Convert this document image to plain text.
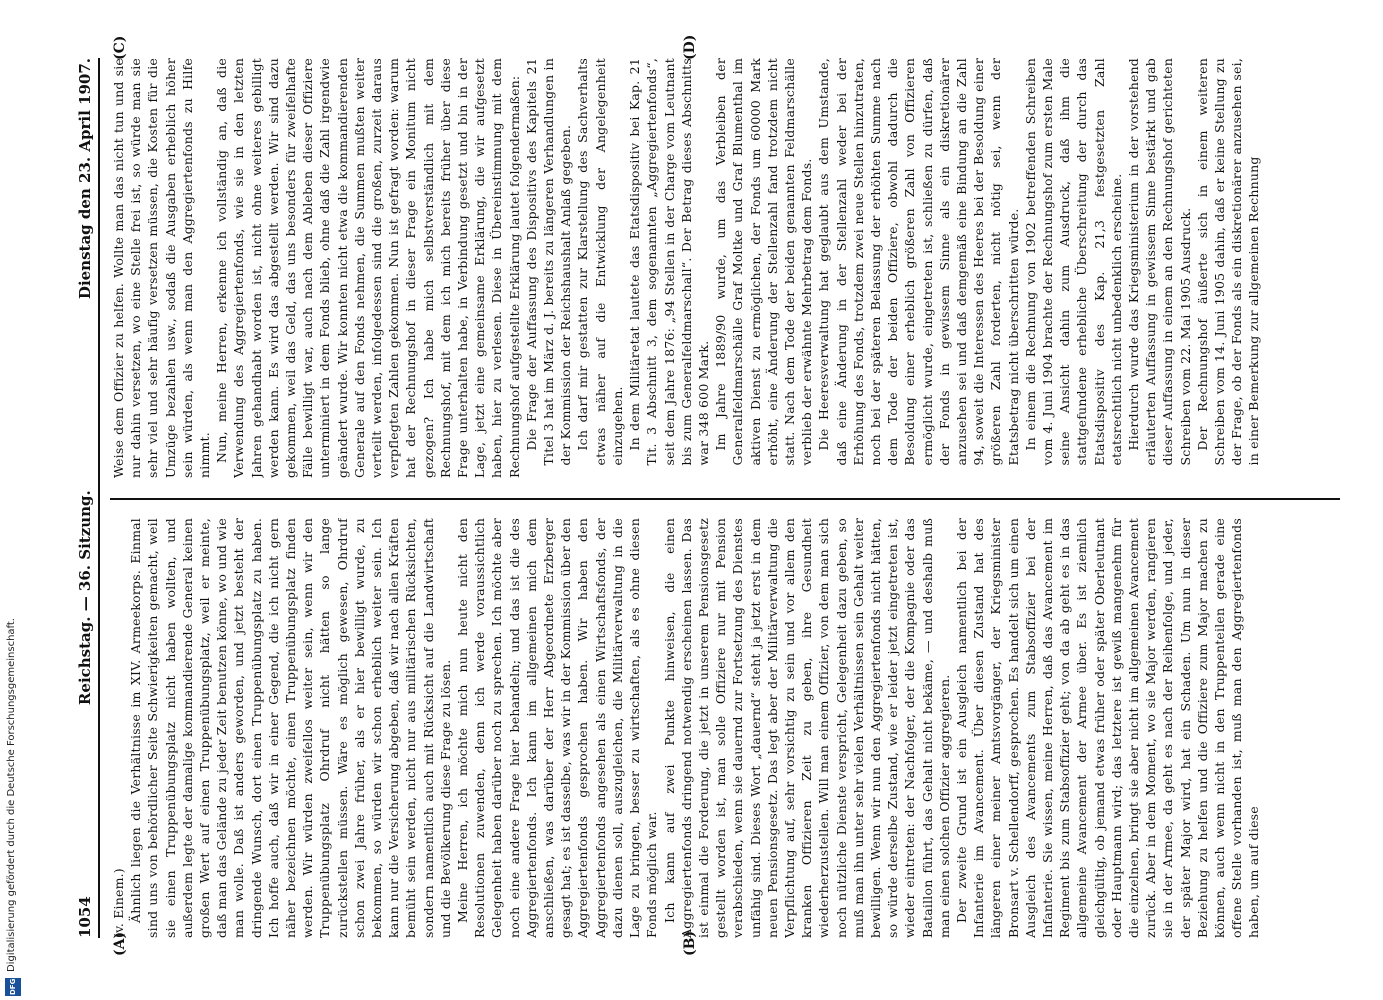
Digitalisierung gefördert durch die Deutsche Forschungsgemeinschaft.
DFG
1054
Reichstag. — 36. Sitzung.
Dienstag den 23. April 1907.
(A)	(B)
(C)	(D)
(v. Einem.) Ähnlich liegen die Verhältnisse im XIV. Armeekorps. Einmal sind uns von behördlicher Seite Schwierigkeiten gemacht, weil sie einen Truppenübungsplatz nicht haben wollten, und außerdem legte der damalige kommandierende General keinen großen Wert auf einen Truppenübungsplatz, weil er meinte, daß man das Gelände zu jeder Zeit benutzen könne, wo und wie man wolle. Daß ist anders geworden, und jetzt besteht der dringende Wunsch, dort einen Truppenübungsplatz zu haben. Ich hoffe auch, daß wir in einer Gegend, die ich nicht gern näher bezeichnen möchte, einen Truppenübungsplatz finden werden. Wir würden zweifellos weiter sein, wenn wir den Truppenübungsplatz Ohrdruf nicht hätten so lange zurückstellen müssen. Wäre es möglich gewesen, Ohrdruf schon zwei Jahre früher, als er hier bewilligt wurde, zu bekommen, so würden wir schon erheblich weiter sein. Ich kann nur die Versicherung abgeben, daß wir nach allen Kräften bemüht sein werden, nicht nur aus militärischen Rücksichten, sondern namentlich auch mit Rücksicht auf die Landwirtschaft und die Bevölkerung diese Frage zu lösen. Meine Herren, ich möchte mich nun heute nicht den Resolutionen zuwenden, denn ich werde voraussichtlich Gelegenheit haben darüber noch zu sprechen. Ich möchte aber noch eine andere Frage hier behandeln; und das ist die des Aggregiertenfonds. Ich kann im allgemeinen mich dem anschließen, was darüber der Herr Abgeordnete Erzberger gesagt hat; es ist dasselbe, was wir in der Kommission über den Aggregiertenfonds gesprochen haben. Wir haben den Aggregiertenfonds angesehen als einen Wirtschaftsfonds, der dazu dienen soll, auszugleichen, die Militärverwaltung in die Lage zu bringen, besser zu wirtschaften, als es ohne diesen Fonds möglich war. Ich kann auf zwei Punkte hinweisen, die einen Aggregiertenfonds dringend notwendig erscheinen lassen. Das ist einmal die Forderung, die jetzt in unserem Pensionsgesetz gestellt worden ist, man solle Offiziere nur mit Pension verabschieden, wenn sie dauernd zur Fortsetzung des Dienstes unfähig sind. Dieses Wort „dauernd“ steht ja jetzt erst in dem neuen Pensionsgesetz. Das legt aber der Militärverwaltung die Verpflichtung auf, sehr vorsichtig zu sein und vor allem den kranken Offizieren Zeit zu geben, ihre Gesundheit wiederherzustellen. Will man einem Offizier, von dem man sich noch nützliche Dienste verspricht, Gelegenheit dazu geben, so muß man ihn unter sehr vielen Verhältnissen sein Gehalt weiter bewilligen. Wenn wir nun den Aggregiertenfonds nicht hätten, so würde derselbe Zustand, wie er leider jetzt eingetreten ist, wieder eintreten: der Nachfolger, der die Kompagnie oder das Bataillon führt, das Gehalt nicht bekäme, — und deshalb muß man einen solchen Offizier aggregieren. Der zweite Grund ist ein Ausgleich namentlich bei der Infanterie im Avancement. Über diesen Zustand hat des längeren einer meiner Amtsvorgänger, der Kriegsminister Bronsart v. Schellendorff, gesprochen. Es handelt sich um einen Ausgleich des Avancements zum Stabsoffizier bei der Infanterie. Sie wissen, meine Herren, daß das Avancement im Regiment bis zum Stabsoffizier geht; von da ab geht es in das allgemeine Avancement der Armee über. Es ist ziemlich gleichgültig, ob jemand etwas früher oder später Oberleutnant oder Hauptmann wird; das letztere ist gewiß mangenehm für die einzelnen, bringt sie aber nicht im allgemeinen Avancement zurück. Aber in dem Moment, wo sie Major werden, rangieren sie in der Armee, da geht es nach der Reihenfolge, und jeder, der später Major wird, hat ein Schaden. Um nun in dieser Beziehung zu helfen und die Offiziere zum Major machen zu können, auch wenn nicht in den Truppenteilen gerade eine offene Stelle vorhanden ist, muß man den Aggregiertenfonds haben, um auf diese

Weise dem Offizier zu helfen. Wollte man das nicht tun und sie nur dahin versetzen, wo eine Stelle frei ist, so würde man sie sehr viel und sehr häufig versetzen müssen, die Kosten für die Umzüge bezahlen usw., sodaß die Ausgaben erheblich höher sein würden, als wenn man den Aggregiertenfonds zu Hilfe nimmt. Nun, meine Herren, erkenne ich vollständig an, daß die Verwendung des Aggregiertenfonds, wie sie in den letzten Jahren gehandhabt worden ist, nicht ohne weiteres gebilligt werden kann. Es wird das abgestellt werden. Wir sind dazu gekommen, weil das Geld, das uns besonders für zweifelhafte Fälle bewilligt war, auch nach dem Ableben dieser Offiziere unterminiert in dem Fonds blieb, ohne daß die Zahl irgendwie geändert wurde. Wir konnten nicht etwa die kommandierenden Generale auf den Fonds nehmen, die Summen mußten weiter verteilt werden, infolgedessen sind die großen, zurzeit daraus verpflegten Zahlen gekommen. Nun ist gefragt worden: warum hat der Rechnungshof in dieser Frage ein Monitum nicht gezogen? Ich habe mich selbstverständlich mit dem Rechnungshof, mit dem ich mich bereits früher über diese Frage unterhalten habe, in Verbindung gesetzt und bin in der Lage, jetzt eine gemeinsame Erklärung, die wir aufgesetzt haben, hier zu verlesen. Diese in Übereinstimmung mit dem Rechnungshof aufgestellte Erklärung lautet folgendermaßen: Die Frage der Auffassung des Dispositivs des Kapitels 21 Titel 3 hat im März d. J. bereits zu längeren Verhandlungen in der Kommission der Reichshaushalt Anlaß gegeben. Ich darf mir gestatten zur Klarstellung des Sachverhalts etwas näher auf die Entwicklung der Angelegenheit einzugehen. In dem Militäretat lautete das Etatsdispositiv bei Kap. 21 Tit. 3 Abschnitt 3, dem sogenannten „Aggregiertenfonds“, seit dem Jahre 1876: „94 Stellen in der Charge vom Leutnant bis zum Generalfeldmarschall“. Der Betrag dieses Abschnitts war 348 600 Mark. Im Jahre 1889/90 wurde, um das Verbleiben der Generalfeldmarschälle Graf Moltke und Graf Blumenthal im aktiven Dienst zu ermöglichen, der Fonds um 60000 Mark erhöht, eine Änderung der Stellenzahl fand trotzdem nicht statt. Nach dem Tode der beiden genannten Feldmarschälle verblieb der erwähnte Mehrbetrag dem Fonds. Die Heeresverwaltung hat geglaubt aus dem Umstande, daß eine Änderung in der Stellenzahl weder bei der Erhöhung des Fonds, trotzdem zwei neue Stellen hinzutraten, noch bei der späteren Belassung der erhöhten Summe nach dem Tode der beiden Offiziere, obwohl dadurch die Besoldung einer erheblich größeren Zahl von Offizieren ermöglicht wurde, eingetreten ist, schließen zu dürfen, daß der Fonds in gewissem Sinne als ein diskretionärer anzusehen sei und daß demgemäß eine Bindung an die Zahl 94, soweit die Interessen des Heeres bei der Besoldung einer größeren Zahl forderten, nicht nötig sei, wenn der Etatsbetrag nicht überschritten würde. In einem die Rechnung von 1902 betreffenden Schreiben vom 4. Juni 1904 brachte der Rechnungshof zum ersten Male seine Ansicht dahin zum Ausdruck, daß ihm die stattgefundene erhebliche Überschreitung der durch das Etatsdispositiv des Kap. 21,3 festgesetzten Zahl etatsrechtlich nicht unbedenklich erscheine. Hierdurch wurde das Kriegsministerium in der vorstehend erläuterten Auffassung in gewissem Sinne bestärkt und gab dieser Auffassung in einem an den Rechnungshof gerichteten Schreiben vom 22. Mai 1905 Ausdruck. Der Rechnungshof äußerte sich in einem weiteren Schreiben vom 14. Juni 1905 dahin, daß er keine Stellung zu der Frage, ob der Fonds als ein diskretionärer anzusehen sei, in einer Bemerkung zur allgemeinen Rechnung
